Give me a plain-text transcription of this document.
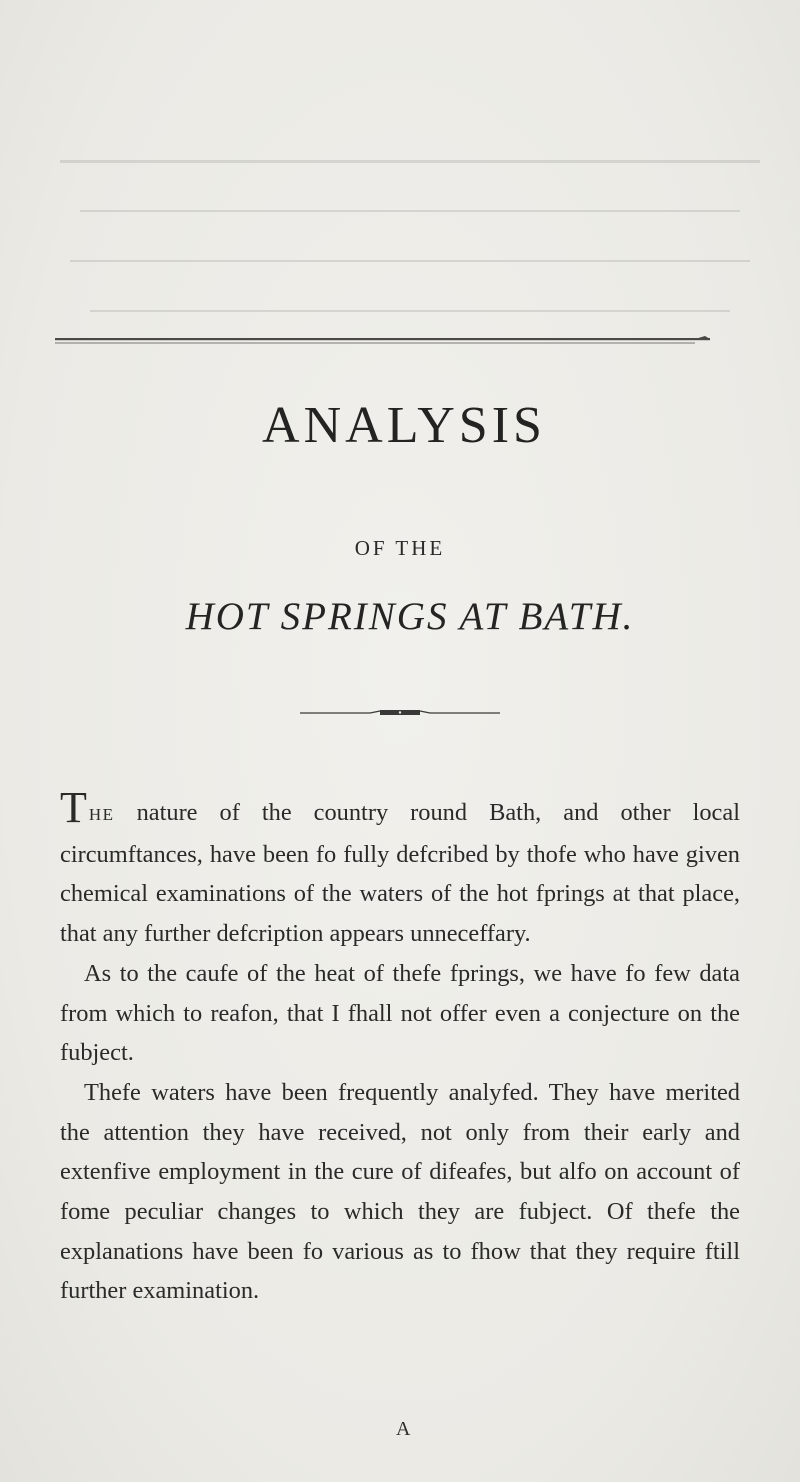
ANALYSIS
OF THE
HOT SPRINGS AT BATH.

THE nature of the country round Bath, and other local circumftances, have been fo fully defcribed by thofe who have given chemical examinations of the waters of the hot fprings at that place, that any further defcription appears unneceffary.

As to the caufe of the heat of thefe fprings, we have fo few data from which to reafon, that I fhall not offer even a conjecture on the fubject.

Thefe waters have been frequently analyfed. They have merited the attention they have received, not only from their early and extenfive employment in the cure of difeafes, but alfo on account of fome peculiar changes to which they are fubject. Of thefe the explanations have been fo various as to fhow that they require ftill further examination.

A
